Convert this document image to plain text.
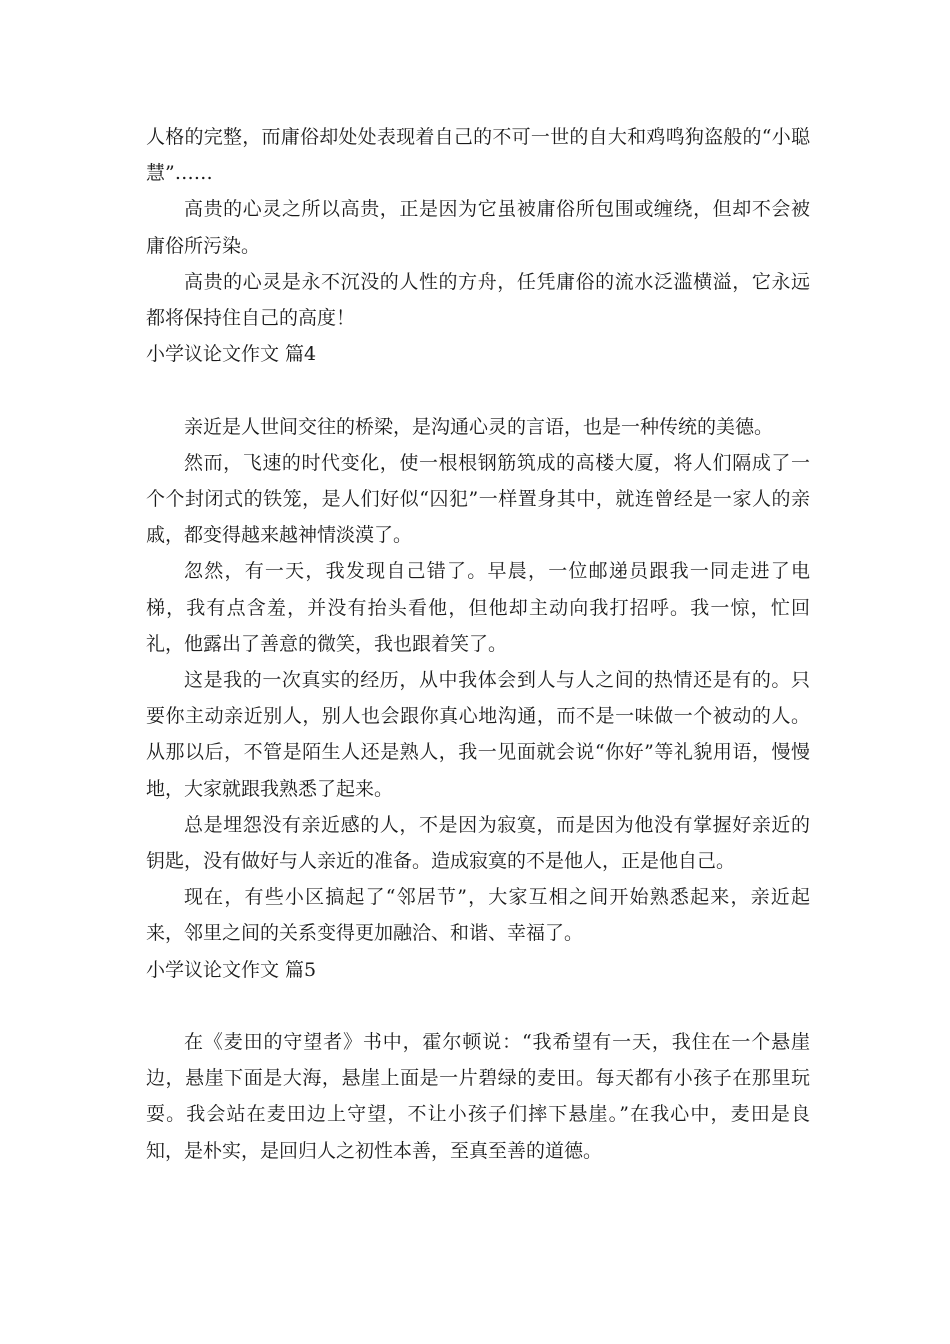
人格的完整，而庸俗却处处表现着自己的不可一世的自大和鸡鸣狗盗般的“小聪慧”……

高贵的心灵之所以高贵，正是因为它虽被庸俗所包围或缠绕，但却不会被庸俗所污染。

高贵的心灵是永不沉没的人性的方舟，任凭庸俗的流水泛滥横溢，它永远都将保持住自己的高度！

小学议论文作文 篇4

亲近是人世间交往的桥梁，是沟通心灵的言语，也是一种传统的美德。

然而，飞速的时代变化，使一根根钢筋筑成的高楼大厦，将人们隔成了一个个封闭式的铁笼，是人们好似“囚犯”一样置身其中，就连曾经是一家人的亲戚，都变得越来越神情淡漠了。

忽然，有一天，我发现自己错了。早晨，一位邮递员跟我一同走进了电梯，我有点含羞，并没有抬头看他，但他却主动向我打招呼。我一惊，忙回礼，他露出了善意的微笑，我也跟着笑了。

这是我的一次真实的经历，从中我体会到人与人之间的热情还是有的。只要你主动亲近别人，别人也会跟你真心地沟通，而不是一味做一个被动的人。从那以后，不管是陌生人还是熟人，我一见面就会说“你好”等礼貌用语，慢慢地，大家就跟我熟悉了起来。

总是埋怨没有亲近感的人，不是因为寂寞，而是因为他没有掌握好亲近的钥匙，没有做好与人亲近的准备。造成寂寞的不是他人，正是他自己。

现在，有些小区搞起了“邻居节”，大家互相之间开始熟悉起来，亲近起来，邻里之间的关系变得更加融洽、和谐、幸福了。

小学议论文作文 篇5

在《麦田的守望者》书中，霍尔顿说：“我希望有一天，我住在一个悬崖边，悬崖下面是大海，悬崖上面是一片碧绿的麦田。每天都有小孩子在那里玩耍。我会站在麦田边上守望，不让小孩子们摔下悬崖。”在我心中，麦田是良知，是朴实，是回归人之初性本善，至真至善的道德。
